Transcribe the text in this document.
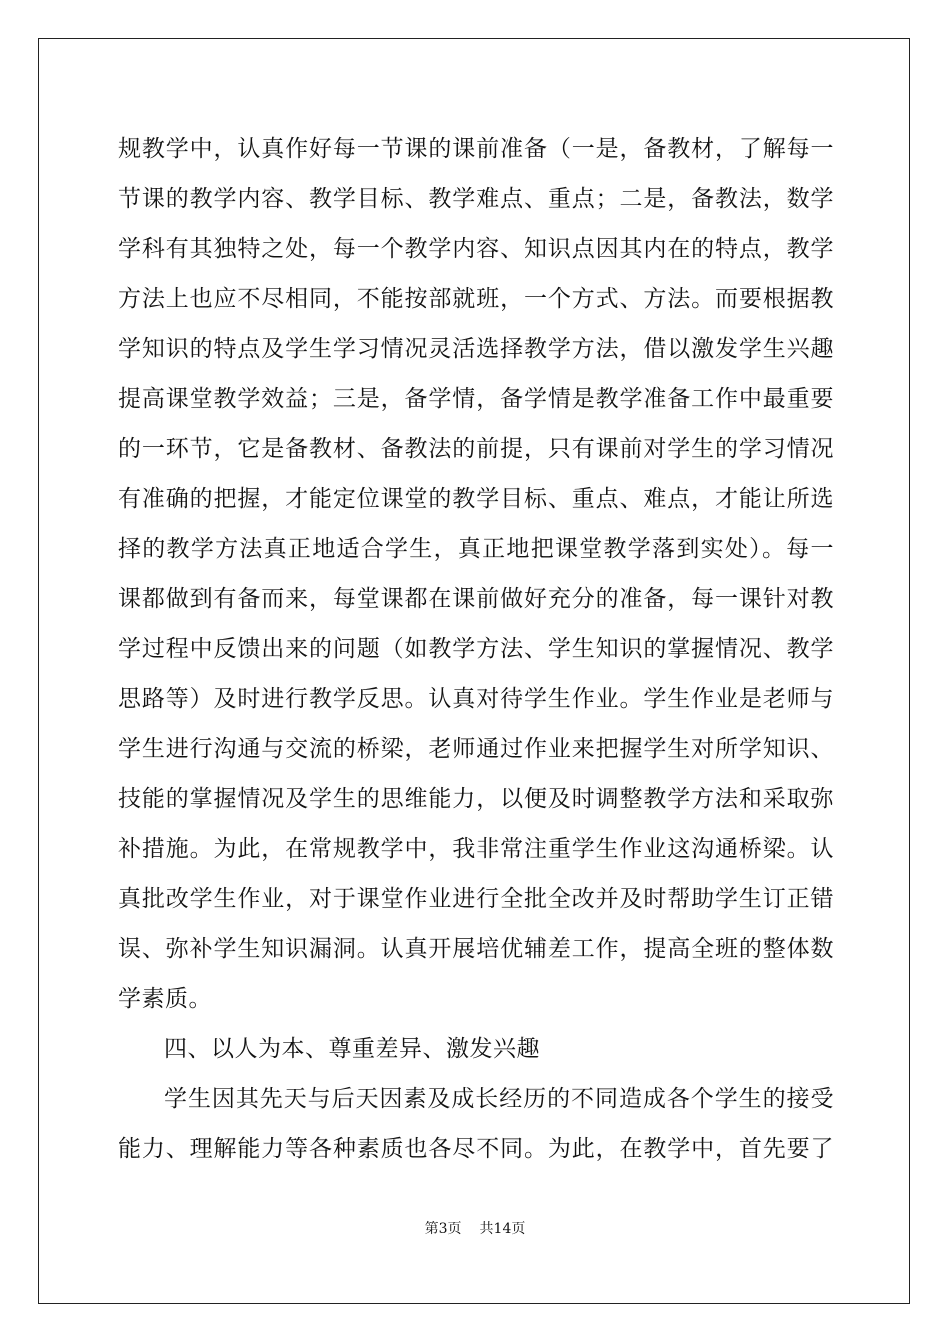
规教学中，认真作好每一节课的课前准备（一是，备教材，了解每一
节课的教学内容、教学目标、教学难点、重点；二是，备教法，数学
学科有其独特之处，每一个教学内容、知识点因其内在的特点，教学
方法上也应不尽相同，不能按部就班，一个方式、方法。而要根据教
学知识的特点及学生学习情况灵活选择教学方法，借以激发学生兴趣
提高课堂教学效益；三是，备学情，备学情是教学准备工作中最重要
的一环节，它是备教材、备教法的前提，只有课前对学生的学习情况
有准确的把握，才能定位课堂的教学目标、重点、难点，才能让所选
择的教学方法真正地适合学生，真正地把课堂教学落到实处）。每一
课都做到有备而来，每堂课都在课前做好充分的准备，每一课针对教
学过程中反馈出来的问题（如教学方法、学生知识的掌握情况、教学
思路等）及时进行教学反思。认真对待学生作业。学生作业是老师与
学生进行沟通与交流的桥梁，老师通过作业来把握学生对所学知识、
技能的掌握情况及学生的思维能力，以便及时调整教学方法和采取弥
补措施。为此，在常规教学中，我非常注重学生作业这沟通桥梁。认
真批改学生作业，对于课堂作业进行全批全改并及时帮助学生订正错
误、弥补学生知识漏洞。认真开展培优辅差工作，提高全班的整体数
学素质。
四、以人为本、尊重差异、激发兴趣
学生因其先天与后天因素及成长经历的不同造成各个学生的接受
能力、理解能力等各种素质也各尽不同。为此，在教学中，首先要了
第3页 共14页
